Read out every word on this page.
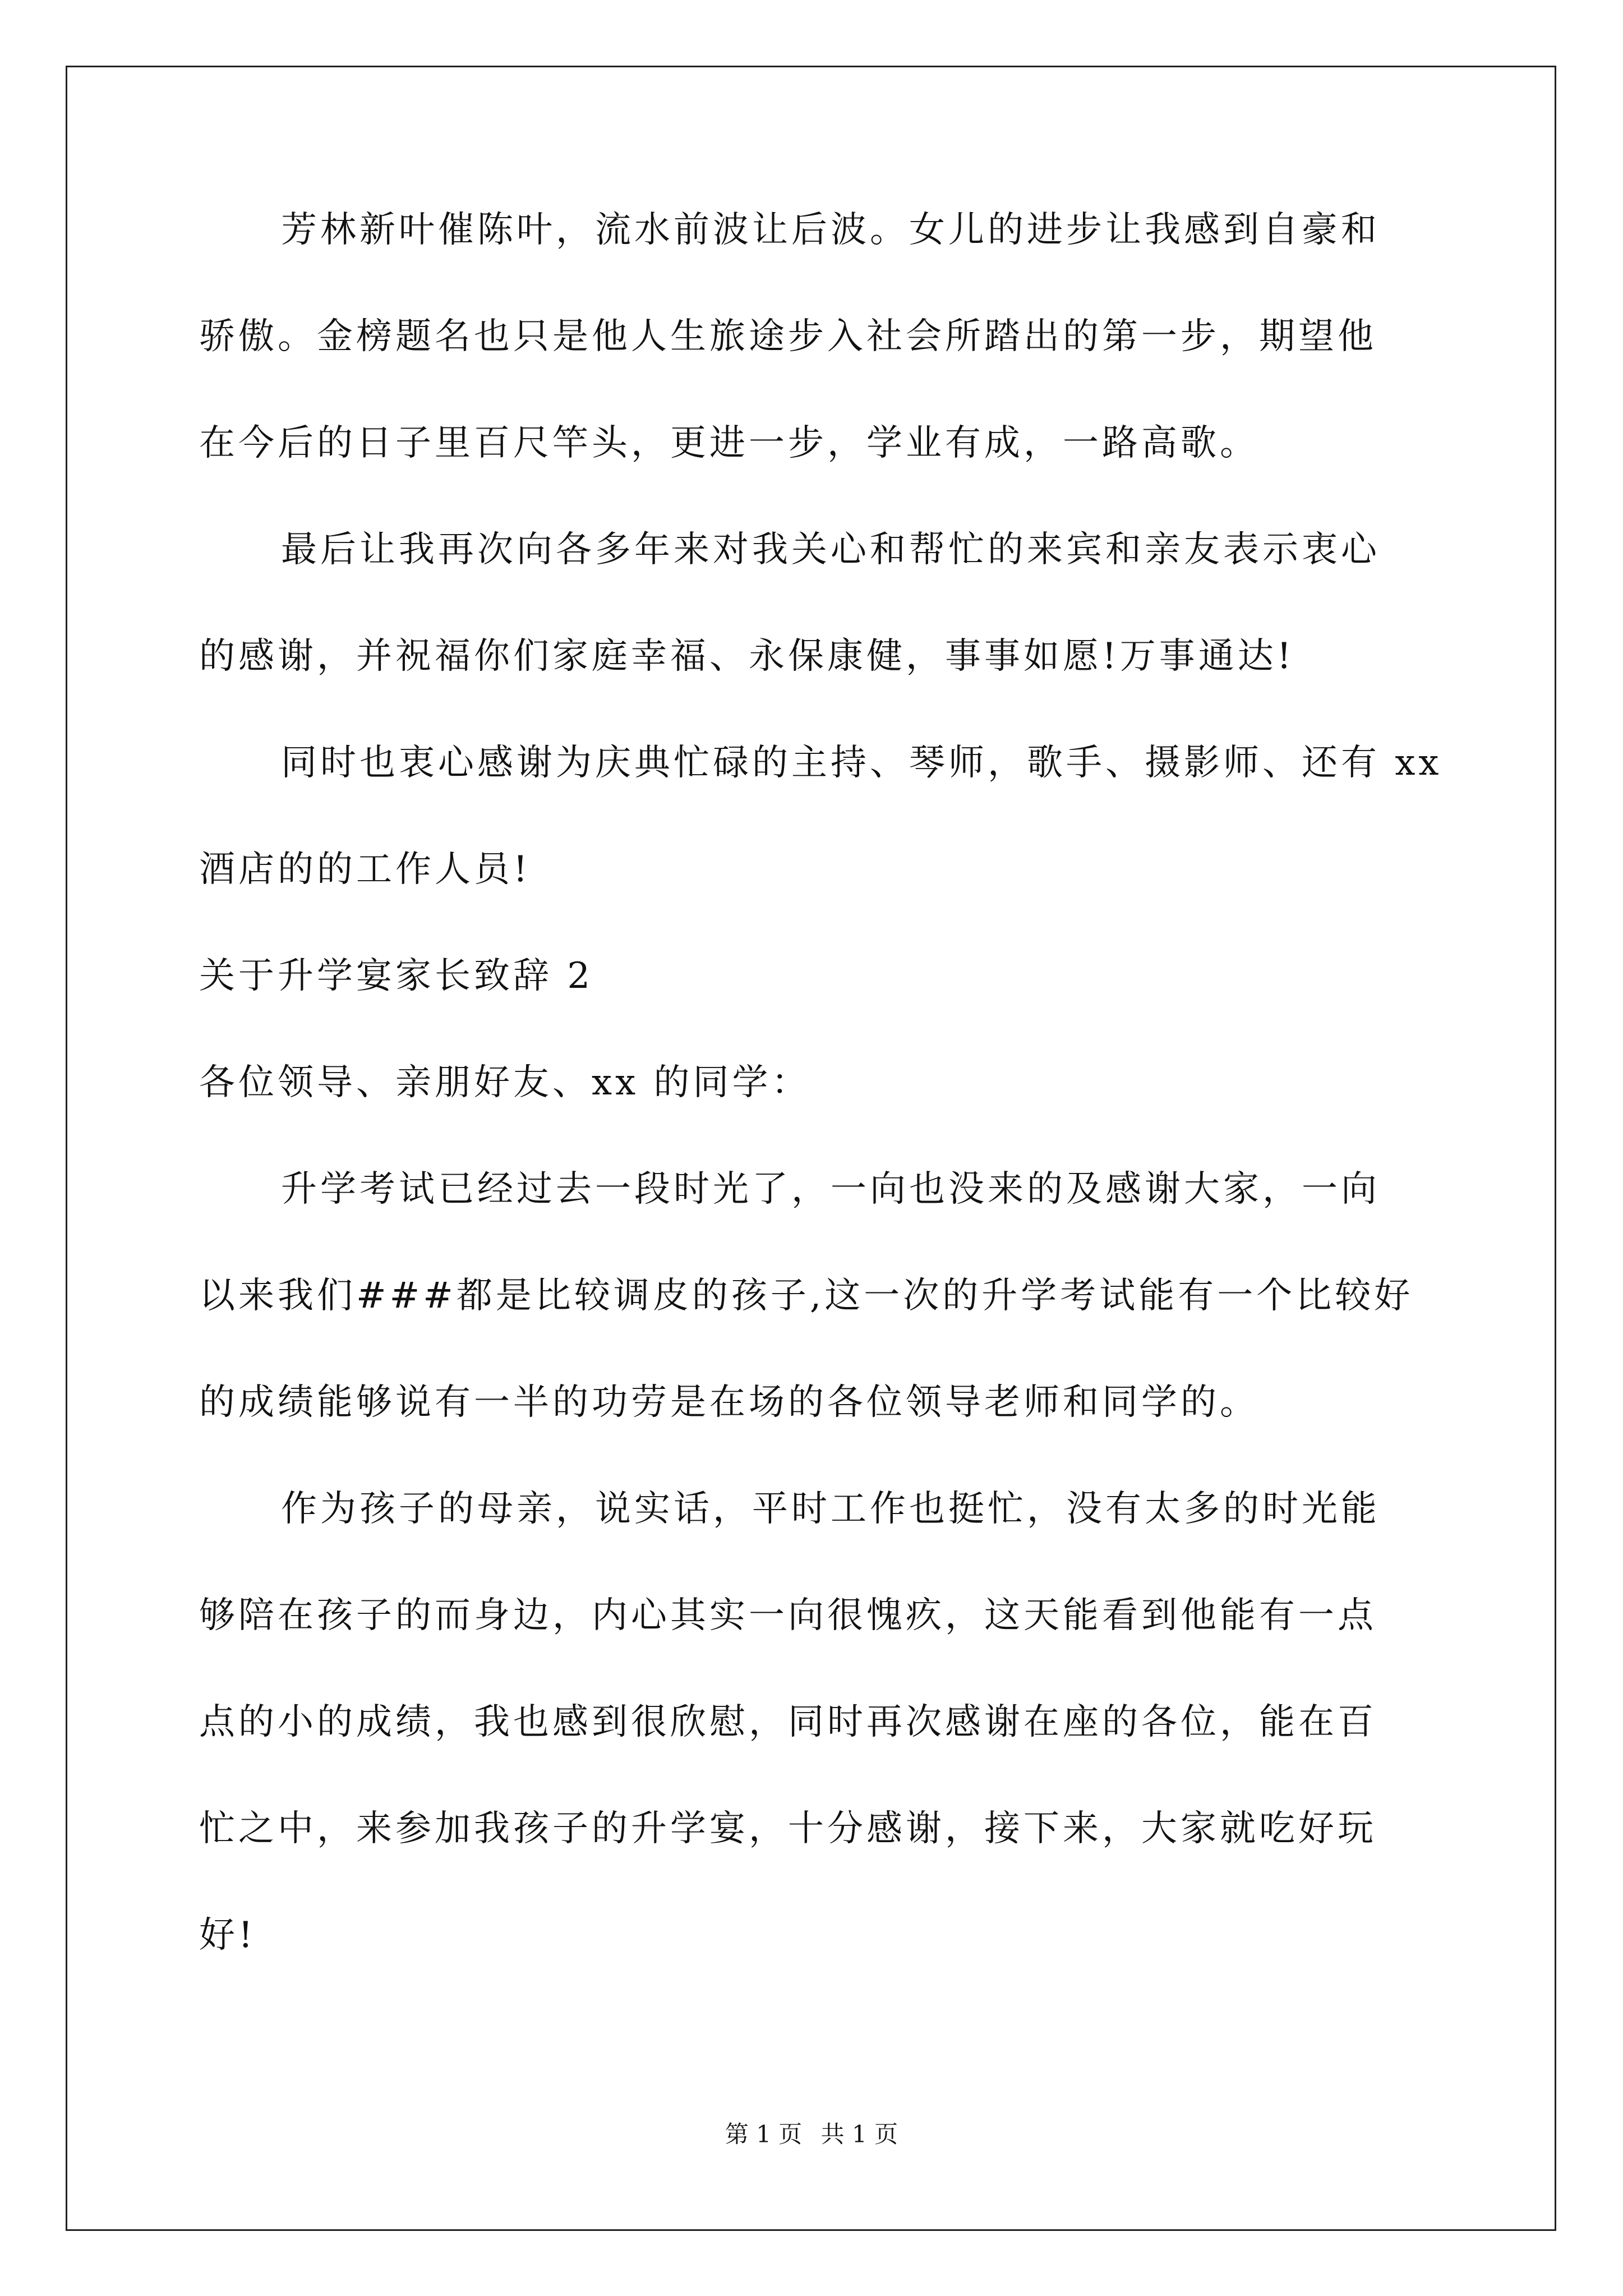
芳林新叶催陈叶，流水前波让后波。女儿的进步让我感到自豪和
骄傲。金榜题名也只是他人生旅途步入社会所踏出的第一步，期望他
在今后的日子里百尺竿头，更进一步，学业有成，一路高歌。
最后让我再次向各多年来对我关心和帮忙的来宾和亲友表示衷心
的感谢，并祝福你们家庭幸福、永保康健，事事如愿!万事通达!
同时也衷心感谢为庆典忙碌的主持、琴师，歌手、摄影师、还有 xx
酒店的的工作人员!
关于升学宴家长致辞 2
各位领导、亲朋好友、xx 的同学：
升学考试已经过去一段时光了，一向也没来的及感谢大家，一向
以来我们###都是比较调皮的孩子,这一次的升学考试能有一个比较好
的成绩能够说有一半的功劳是在场的各位领导老师和同学的。
作为孩子的母亲，说实话，平时工作也挺忙，没有太多的时光能
够陪在孩子的而身边，内心其实一向很愧疚，这天能看到他能有一点
点的小的成绩，我也感到很欣慰，同时再次感谢在座的各位，能在百
忙之中，来参加我孩子的升学宴，十分感谢，接下来，大家就吃好玩
好!
第 1 页 共 1 页
